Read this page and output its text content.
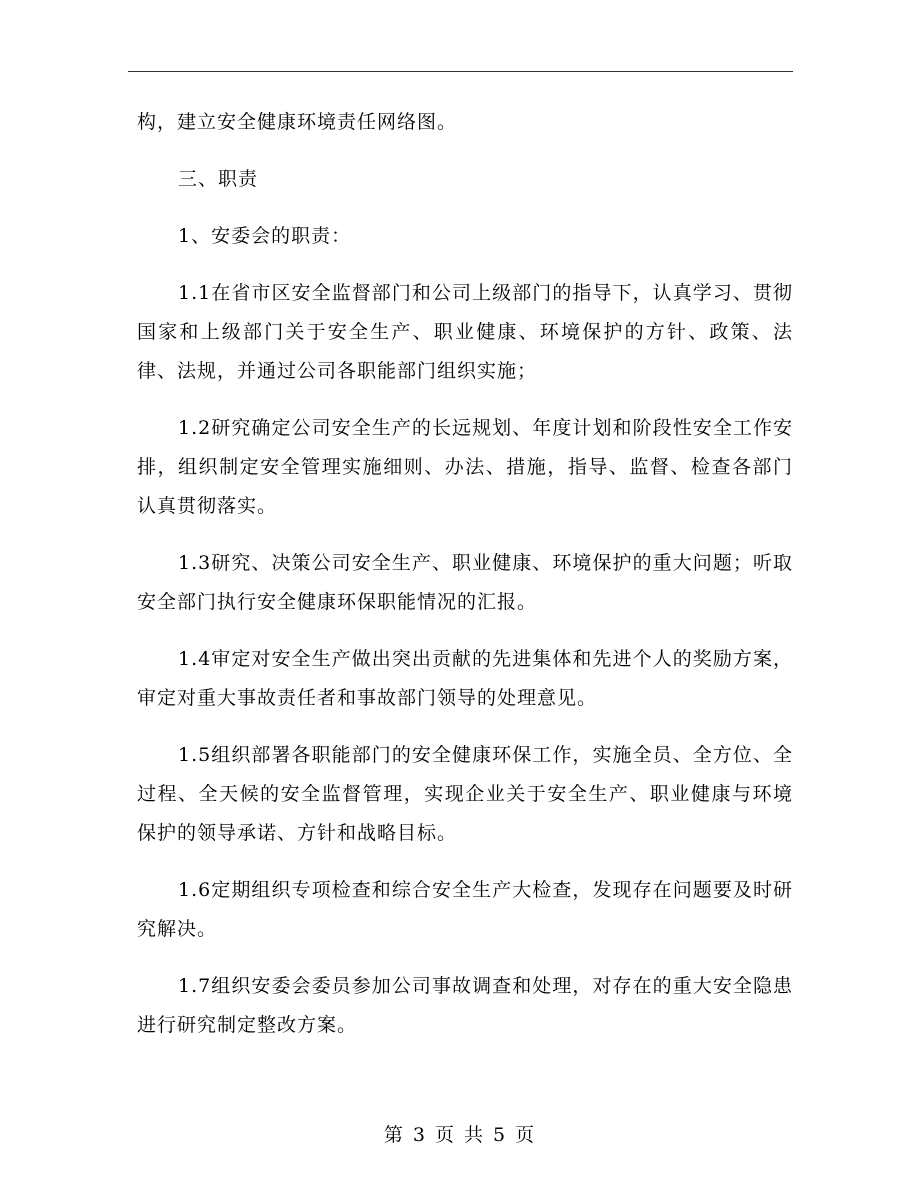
构，建立安全健康环境责任网络图。

三、职责

1、安委会的职责：

1.1在省市区安全监督部门和公司上级部门的指导下，认真学习、贯彻国家和上级部门关于安全生产、职业健康、环境保护的方针、政策、法律、法规，并通过公司各职能部门组织实施；

1.2研究确定公司安全生产的长远规划、年度计划和阶段性安全工作安排，组织制定安全管理实施细则、办法、措施，指导、监督、检查各部门认真贯彻落实。

1.3研究、决策公司安全生产、职业健康、环境保护的重大问题；听取安全部门执行安全健康环保职能情况的汇报。

1.4审定对安全生产做出突出贡献的先进集体和先进个人的奖励方案，审定对重大事故责任者和事故部门领导的处理意见。

1.5组织部署各职能部门的安全健康环保工作，实施全员、全方位、全过程、全天候的安全监督管理，实现企业关于安全生产、职业健康与环境保护的领导承诺、方针和战略目标。

1.6定期组织专项检查和综合安全生产大检查，发现存在问题要及时研究解决。

1.7组织安委会委员参加公司事故调查和处理，对存在的重大安全隐患进行研究制定整改方案。

第 3 页 共 5 页
